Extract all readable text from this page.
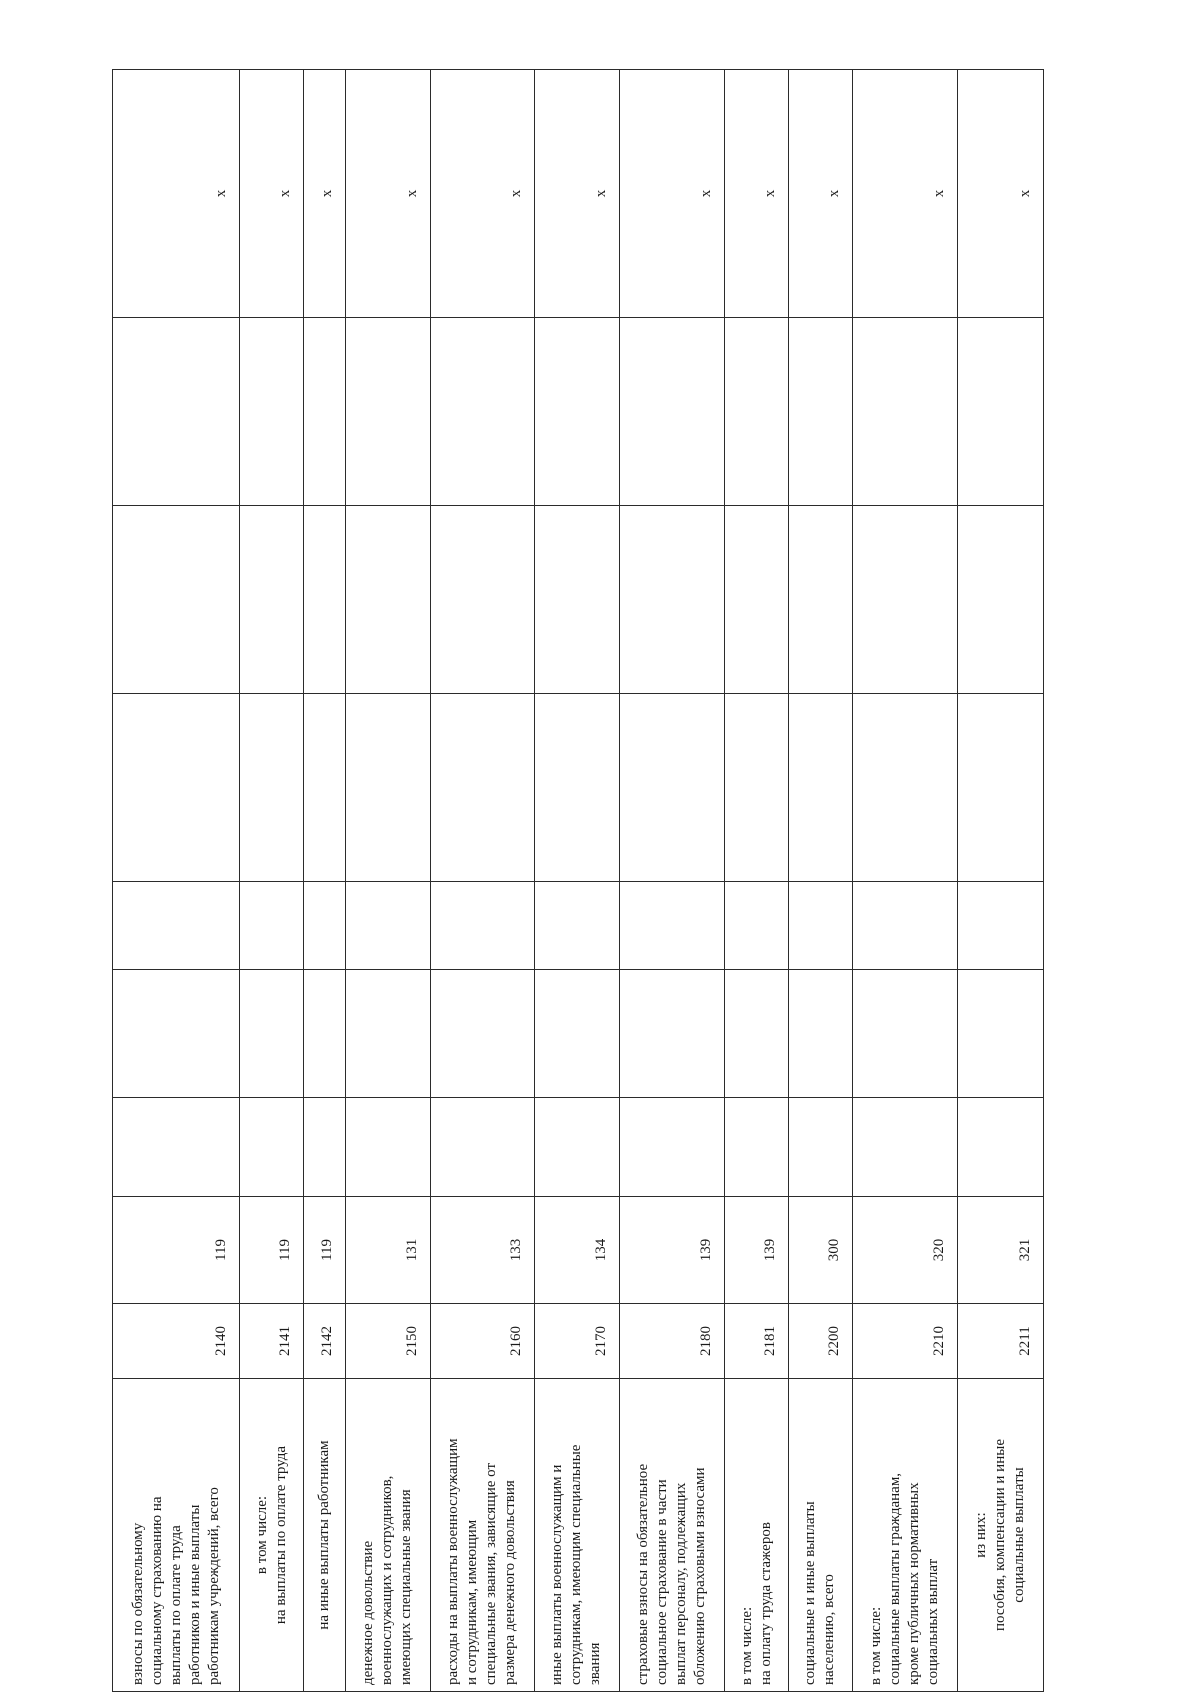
взносы по обязательному социальному страхованию на выплаты по оплате труда работников и иные выплаты работникам учреждений, всего	2140	119							x

в том числе: на выплаты по оплате труда	2141	119							x

на иные выплаты работникам	2142	119							x

денежное довольствие военнослужащих и сотрудников, имеющих специальные звания	2150	131							x

расходы на выплаты военнослужащим и сотрудникам, имеющим специальные звания, зависящие от размера денежного довольствия	2160	133							x

иные выплаты военнослужащим и сотрудникам, имеющим специальные звания	2170	134							x

страховые взносы на обязательное социальное страхование в части выплат персоналу, подлежащих обложению страховыми взносами	2180	139							x

в том числе: на оплату труда стажеров	2181	139							x

социальные и иные выплаты населению, всего	2200	300							x

в том числе: социальные выплаты гражданам, кроме публичных нормативных социальных выплат	2210	320							x

из них: пособия, компенсации и иные социальные выплаты	2211	321							x
